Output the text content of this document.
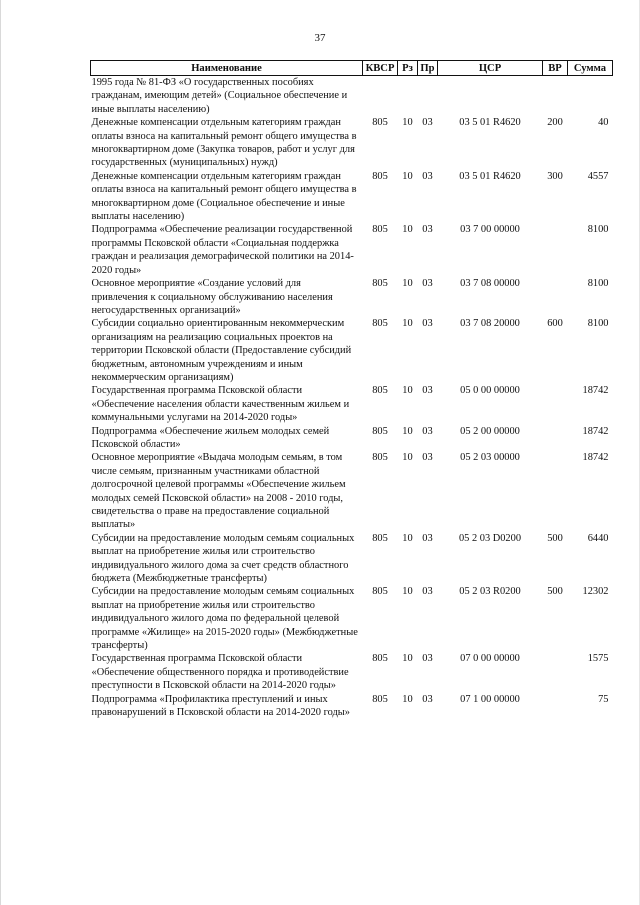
37
Наименование	КВСР	Рз	Пр	ЦСР	ВР	Сумма
1995 года № 81-ФЗ «О государственных пособиях гражданам, имеющим детей» (Социальное обеспечение и иные выплаты населению)						
Денежные компенсации отдельным категориям граждан оплаты взноса на капитальный ремонт общего имущества в многоквартирном доме (Закупка товаров, работ и услуг для государственных (муниципальных) нужд)	805	10	03	03 5 01 R4620	200	40
Денежные компенсации отдельным категориям граждан оплаты взноса на капитальный ремонт общего имущества в многоквартирном доме (Социальное обеспечение и иные выплаты населению)	805	10	03	03 5 01 R4620	300	4557
Подпрограмма «Обеспечение реализации государственной программы Псковской области «Социальная поддержка граждан и реализация демографической политики на 2014-2020 годы»	805	10	03	03 7 00 00000		8100
Основное мероприятие «Создание условий для привлечения к социальному обслуживанию населения негосударственных организаций»	805	10	03	03 7 08 00000		8100
Субсидии социально ориентированным некоммерческим организациям на реализацию социальных проектов на территории Псковской области (Предоставление субсидий бюджетным, автономным учреждениям и иным некоммерческим организациям)	805	10	03	03 7 08 20000	600	8100
Государственная программа Псковской области «Обеспечение населения области качественным жильем и коммунальными услугами на 2014-2020 годы»	805	10	03	05 0 00 00000		18742
Подпрограмма «Обеспечение жильем молодых семей Псковской области»	805	10	03	05 2 00 00000		18742
Основное мероприятие «Выдача молодым семьям, в том числе семьям, признанным участниками областной долгосрочной целевой программы «Обеспечение жильем молодых семей Псковской области» на 2008 - 2010 годы, свидетельства о праве на предоставление социальной выплаты»	805	10	03	05 2 03 00000		18742
Субсидии на предоставление молодым семьям социальных выплат на приобретение жилья или строительство индивидуального жилого дома за счет средств областного бюджета (Межбюджетные трансферты)	805	10	03	05 2 03 D0200	500	6440
Субсидии на предоставление молодым семьям социальных выплат на приобретение жилья или строительство индивидуального жилого дома по федеральной целевой программе «Жилище» на 2015-2020 годы» (Межбюджетные трансферты)	805	10	03	05 2 03 R0200	500	12302
Государственная программа Псковской области «Обеспечение общественного порядка и противодействие преступности в Псковской области на 2014-2020 годы»	805	10	03	07 0 00 00000		1575
Подпрограмма «Профилактика преступлений и иных правонарушений в Псковской области на 2014-2020 годы»	805	10	03	07 1 00 00000		75
